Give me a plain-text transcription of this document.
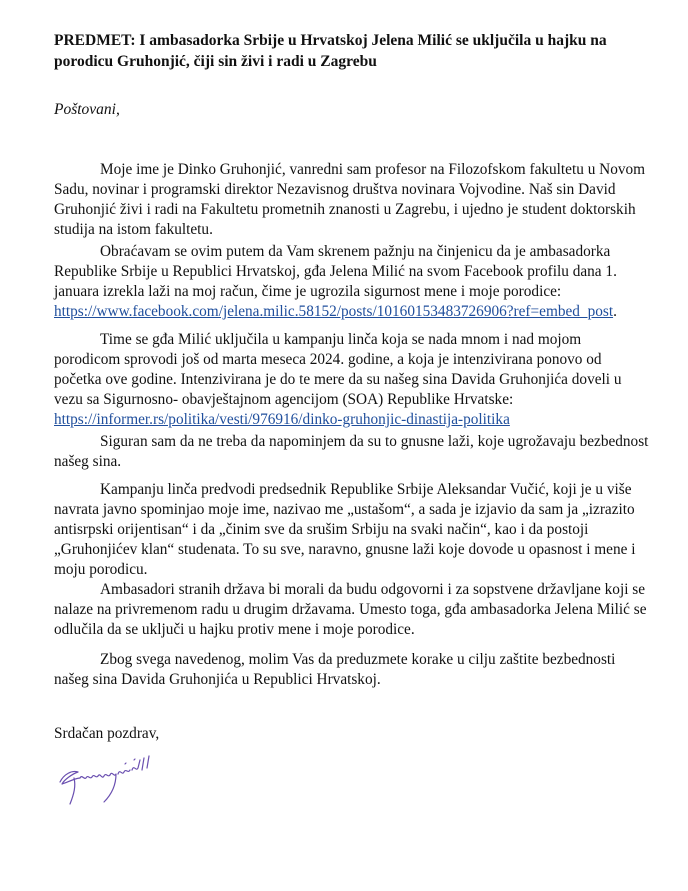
PREDMET: I ambasadorka Srbije u Hrvatskoj Jelena Milić se uključila u hajku na
porodicu Gruhonjić, čiji sin živi i radi u Zagrebu
Poštovani,
Moje ime je Dinko Gruhonjić, vanredni sam profesor na Filozofskom fakultetu u Novom
Sadu, novinar i programski direktor Nezavisnog društva novinara Vojvodine. Naš sin David
Gruhonjić živi i radi na Fakultetu prometnih znanosti u Zagrebu, i ujedno je student doktorskih
studija na istom fakultetu.
Obraćavam se ovim putem da Vam skrenem pažnju na činjenicu da je ambasadorka
Republike Srbije u Republici Hrvatskoj, gđa Jelena Milić na svom Facebook profilu dana 1.
januara izrekla laži na moj račun, čime je ugrozila sigurnost mene i moje porodice:
https://www.facebook.com/jelena.milic.58152/posts/10160153483726906?ref=embed_post.
Time se gđa Milić uključila u kampanju linča koja se nada mnom i nad mojom
porodicom sprovodi još od marta meseca 2024. godine, a koja je intenzivirana ponovo od
početka ove godine. Intenzivirana je do te mere da su našeg sina Davida Gruhonjića doveli u
vezu sa Sigurnosno- obavještajnom agencijom (SOA) Republike Hrvatske:
https://informer.rs/politika/vesti/976916/dinko-gruhonjic-dinastija-politika
Siguran sam da ne treba da napominjem da su to gnusne laži, koje ugrožavaju bezbednost
našeg sina.
Kampanju linča predvodi predsednik Republike Srbije Aleksandar Vučić, koji je u više
navrata javno spominjao moje ime, nazivao me „ustašom“, a sada je izjavio da sam ja „izrazito
antisrpski orijentisan“ i da „činim sve da srušim Srbiju na svaki način“, kao i da postoji
„Gruhonjićev klan“ studenata. To su sve, naravno, gnusne laži koje dovode u opasnost i mene i
moju porodicu.
Ambasadori stranih država bi morali da budu odgovorni i za sopstvene državljane koji se
nalaze na privremenom radu u drugim državama. Umesto toga, gđa ambasadorka Jelena Milić se
odlučila da se uključi u hajku protiv mene i moje porodice.
Zbog svega navedenog, molim Vas da preduzmete korake u cilju zaštite bezbednosti
našeg sina Davida Gruhonjića u Republici Hrvatskoj.
Srdačan pozdrav,
